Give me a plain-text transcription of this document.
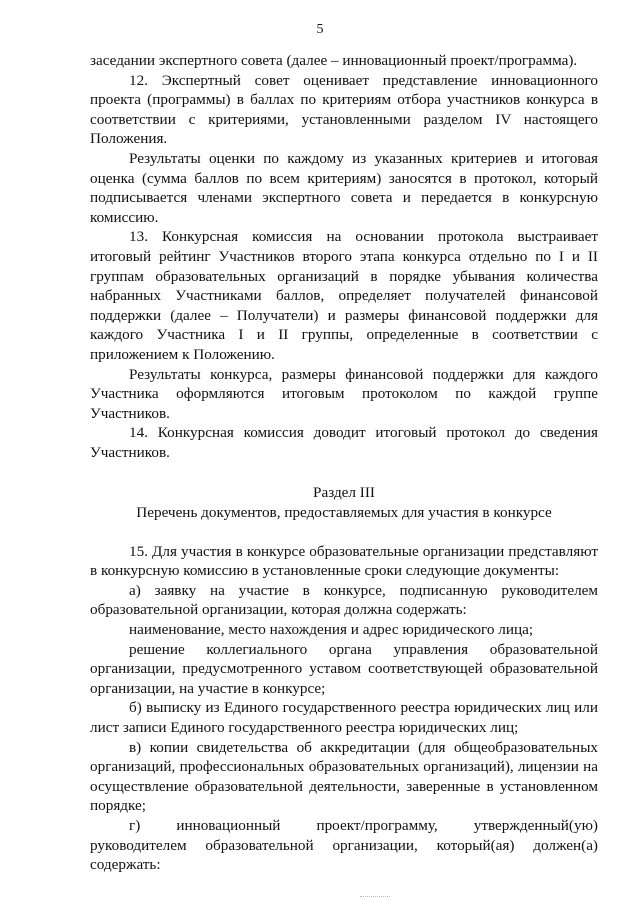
5

заседании экспертного совета (далее – инновационный проект/программа).

12. Экспертный совет оценивает представление инновационного проекта (программы) в баллах по критериям отбора участников конкурса в соответствии с критериями, установленными разделом IV настоящего Положения.

Результаты оценки по каждому из указанных критериев и итоговая оценка (сумма баллов по всем критериям) заносятся в протокол, который подписывается членами экспертного совета и передается в конкурсную комиссию.

13. Конкурсная комиссия на основании протокола выстраивает итоговый рейтинг Участников второго этапа конкурса отдельно по I и II группам образовательных организаций в порядке убывания количества набранных Участниками баллов, определяет получателей финансовой поддержки (далее – Получатели) и размеры финансовой поддержки для каждого Участника I и II группы, определенные в соответствии с приложением к Положению.

Результаты конкурса, размеры финансовой поддержки для каждого Участника оформляются итоговым протоколом по каждой группе Участников.

14. Конкурсная комиссия доводит итоговый протокол до сведения Участников.

Раздел III

Перечень документов, предоставляемых для участия в конкурсе

15. Для участия в конкурсе образовательные организации представляют в конкурсную комиссию в установленные сроки следующие документы:

а) заявку на участие в конкурсе, подписанную руководителем образовательной организации, которая должна содержать:

наименование, место нахождения и адрес юридического лица;

решение коллегиального органа управления образовательной организации, предусмотренного уставом соответствующей образовательной организации, на участие в конкурсе;

б) выписку из Единого государственного реестра юридических лиц или лист записи Единого государственного реестра юридических лиц;

в) копии свидетельства об аккредитации (для общеобразовательных организаций, профессиональных образовательных организаций), лицензии на осуществление образовательной деятельности, заверенные в установленном порядке;

г) инновационный проект/программу, утвержденный(ую) руководителем образовательной организации, который(ая) должен(а) содержать:
